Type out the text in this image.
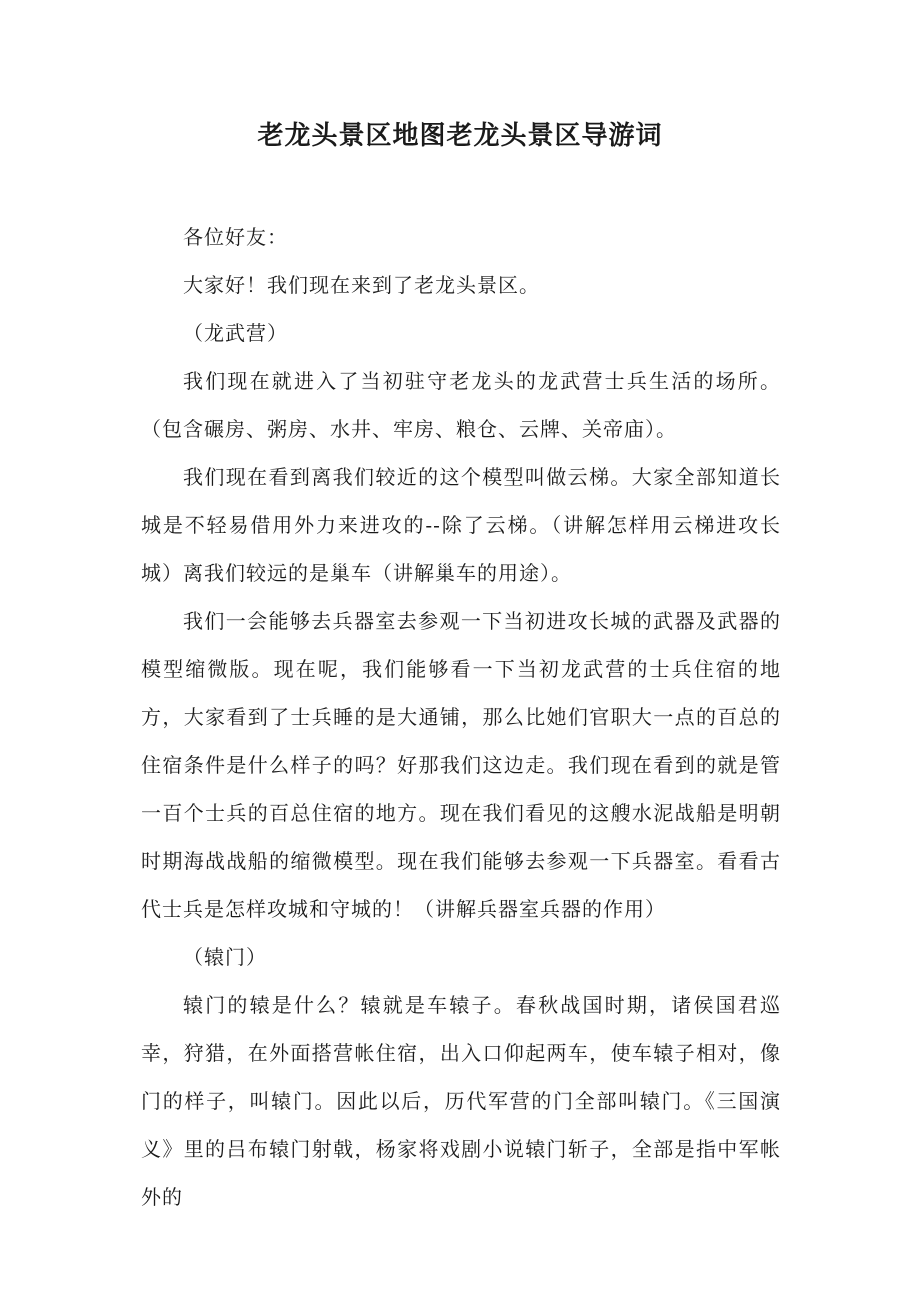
老龙头景区地图老龙头景区导游词

各位好友：

大家好！我们现在来到了老龙头景区。

（龙武营）

我们现在就进入了当初驻守老龙头的龙武营士兵生活的场所。（包含碾房、粥房、水井、牢房、粮仓、云牌、关帝庙）。

我们现在看到离我们较近的这个模型叫做云梯。大家全部知道长城是不轻易借用外力来进攻的--除了云梯。（讲解怎样用云梯进攻长城）离我们较远的是巢车（讲解巢车的用途）。

我们一会能够去兵器室去参观一下当初进攻长城的武器及武器的模型缩微版。现在呢，我们能够看一下当初龙武营的士兵住宿的地方，大家看到了士兵睡的是大通铺，那么比她们官职大一点的百总的住宿条件是什么样子的吗？好那我们这边走。我们现在看到的就是管一百个士兵的百总住宿的地方。现在我们看见的这艘水泥战船是明朝时期海战战船的缩微模型。现在我们能够去参观一下兵器室。看看古代士兵是怎样攻城和守城的！（讲解兵器室兵器的作用）

（辕门）

辕门的辕是什么？辕就是车辕子。春秋战国时期，诸侯国君巡幸，狩猎，在外面搭营帐住宿，出入口仰起两车，使车辕子相对，像门的样子，叫辕门。因此以后，历代军营的门全部叫辕门。《三国演义》里的吕布辕门射戟，杨家将戏剧小说辕门斩子，全部是指中军帐外的
